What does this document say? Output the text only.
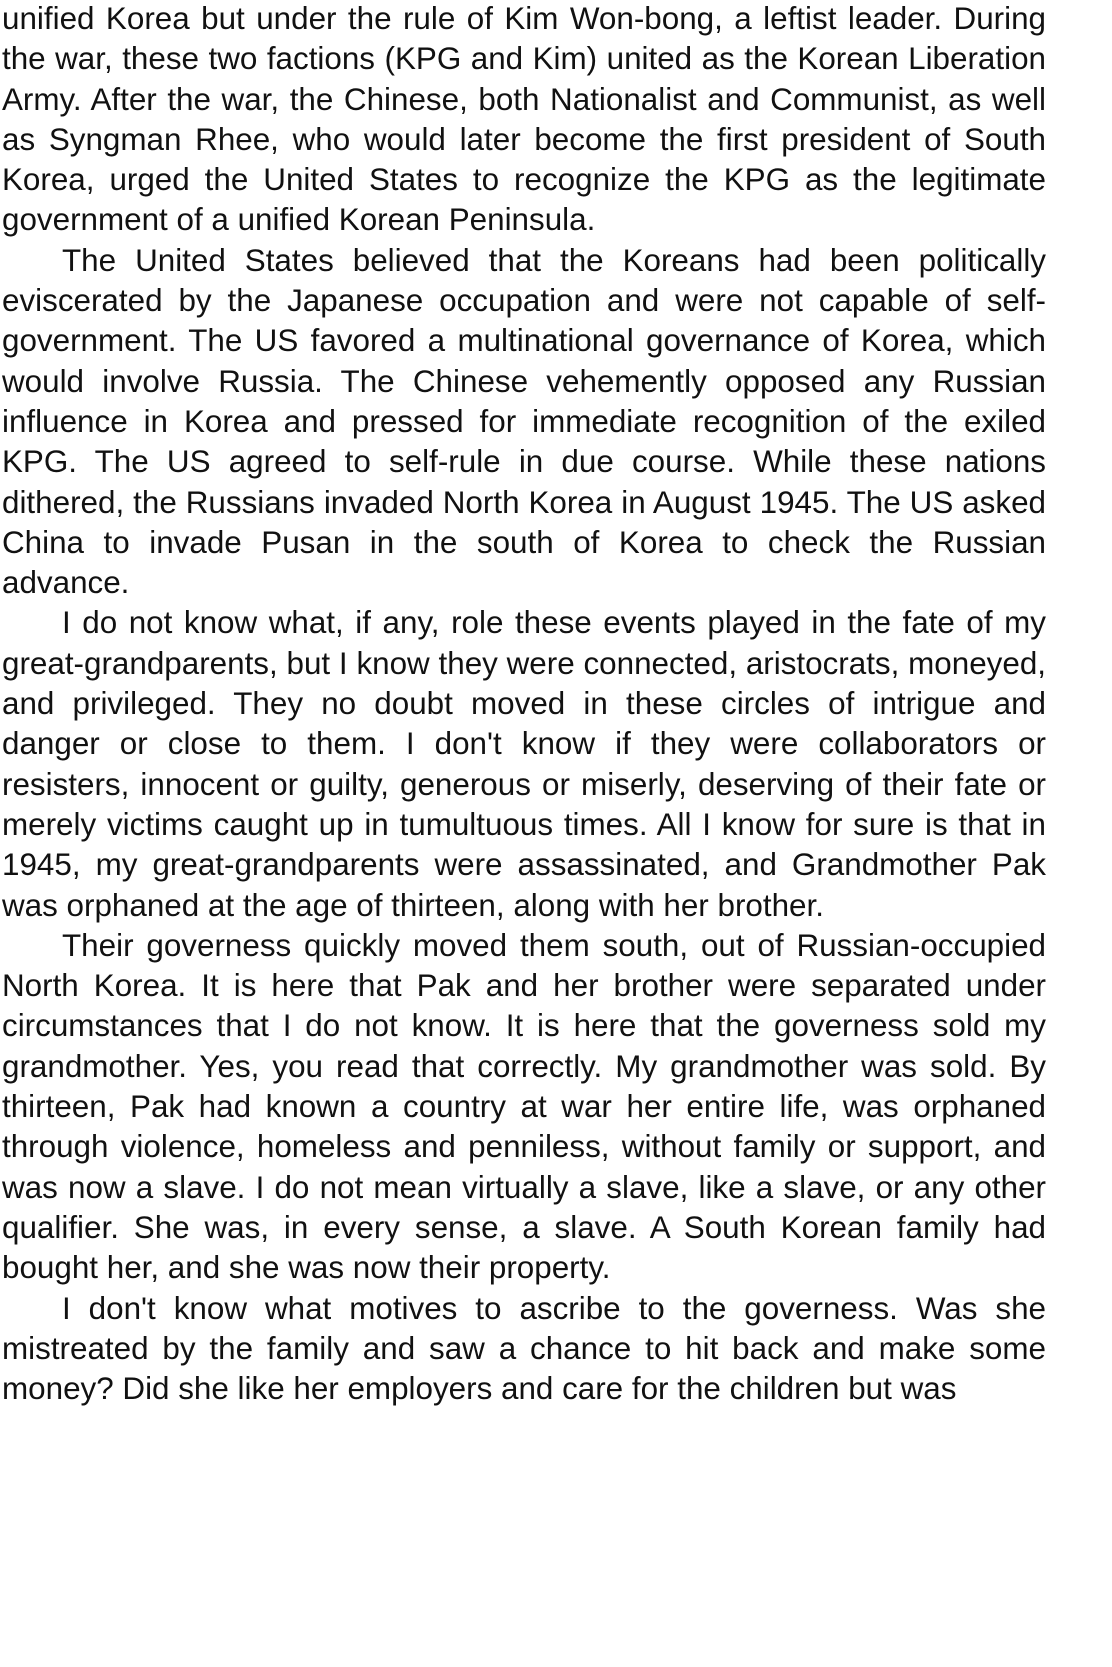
unified Korea but under the rule of Kim Won-bong, a leftist leader. During the war, these two factions (KPG and Kim) united as the Korean Liberation Army. After the war, the Chinese, both Nationalist and Communist, as well as Syngman Rhee, who would later become the first president of South Korea, urged the United States to recognize the KPG as the legitimate government of a unified Korean Peninsula.

The United States believed that the Koreans had been politically eviscerated by the Japanese occupation and were not capable of self-government. The US favored a multinational governance of Korea, which would involve Russia. The Chinese vehemently opposed any Russian influence in Korea and pressed for immediate recognition of the exiled KPG. The US agreed to self-rule in due course. While these nations dithered, the Russians invaded North Korea in August 1945. The US asked China to invade Pusan in the south of Korea to check the Russian advance.

I do not know what, if any, role these events played in the fate of my great-grandparents, but I know they were connected, aristocrats, moneyed, and privileged. They no doubt moved in these circles of intrigue and danger or close to them. I don't know if they were collaborators or resisters, innocent or guilty, generous or miserly, deserving of their fate or merely victims caught up in tumultuous times. All I know for sure is that in 1945, my great-grandparents were assassinated, and Grandmother Pak was orphaned at the age of thirteen, along with her brother.

Their governess quickly moved them south, out of Russian-occupied North Korea. It is here that Pak and her brother were separated under circumstances that I do not know. It is here that the governess sold my grandmother. Yes, you read that correctly. My grandmother was sold. By thirteen, Pak had known a country at war her entire life, was orphaned through violence, homeless and penniless, without family or support, and was now a slave. I do not mean virtually a slave, like a slave, or any other qualifier. She was, in every sense, a slave. A South Korean family had bought her, and she was now their property.

I don't know what motives to ascribe to the governess. Was she mistreated by the family and saw a chance to hit back and make some money? Did she like her employers and care for the children but was
